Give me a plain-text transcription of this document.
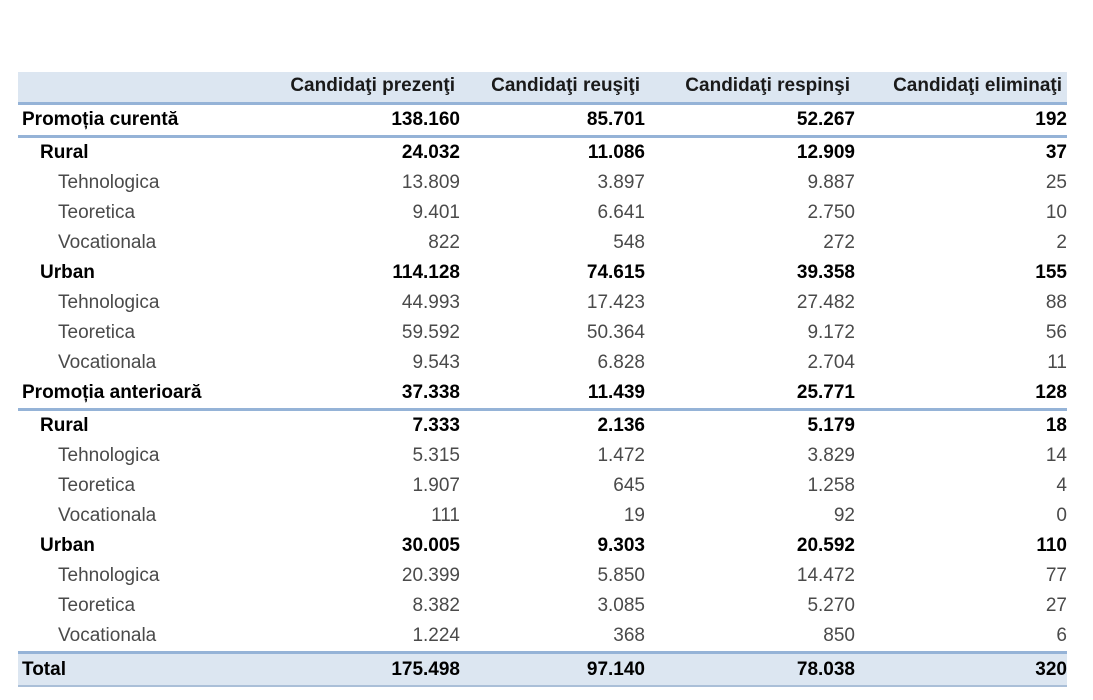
	Candidaţi prezenţi	Candidaţi reuşiţi	Candidaţi respinşi	Candidaţi eliminaţi
Promoția curentă	138.160	85.701	52.267	192
Rural	24.032	11.086	12.909	37
Tehnologica	13.809	3.897	9.887	25
Teoretica	9.401	6.641	2.750	10
Vocationala	822	548	272	2
Urban	114.128	74.615	39.358	155
Tehnologica	44.993	17.423	27.482	88
Teoretica	59.592	50.364	9.172	56
Vocationala	9.543	6.828	2.704	11
Promoția anterioară	37.338	11.439	25.771	128
Rural	7.333	2.136	5.179	18
Tehnologica	5.315	1.472	3.829	14
Teoretica	1.907	645	1.258	4
Vocationala	111	19	92	0
Urban	30.005	9.303	20.592	110
Tehnologica	20.399	5.850	14.472	77
Teoretica	8.382	3.085	5.270	27
Vocationala	1.224	368	850	6
Total	175.498	97.140	78.038	320
